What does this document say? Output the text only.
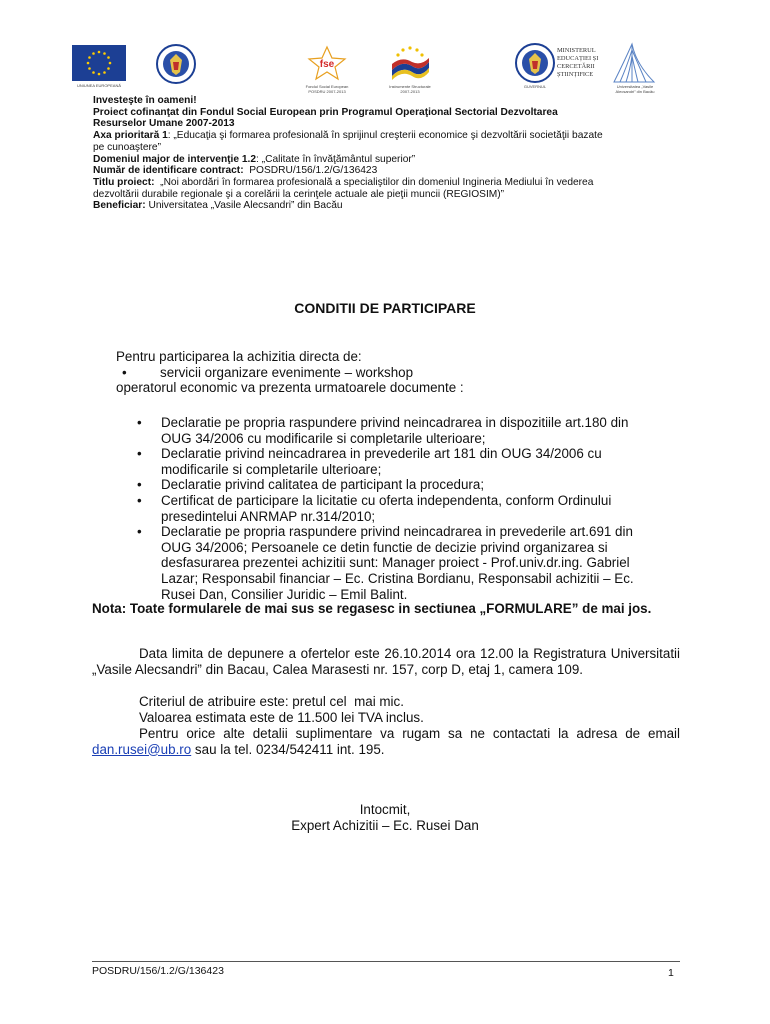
UNIUNEA EUROPEANĂ
fse
Fondul Social European
POSDRU 2007-2013
Instrumente Structurale
2007-2013
GUVERNUL
MINISTERUL
EDUCAȚIEI ȘI
CERCETĂRII
ȘTIINȚIFICE
Universitatea „Vasile
Alecsandri” din Bacău
Investeşte în oameni!
Proiect cofinanţat din Fondul Social European prin Programul Operaţional Sectorial Dezvoltarea
Resurselor Umane 2007-2013
Axa prioritară 1: „Educaţia şi formarea profesională în sprijinul creşterii economice şi dezvoltării societăţii bazate
pe cunoaştere”
Domeniul major de intervenţie 1.2: „Calitate în învăţământul superior”
Număr de identificare contract:  POSDRU/156/1.2/G/136423
Titlu proiect:  „Noi abordări în formarea profesională a specialiştilor din domeniul Ingineria Mediului în vederea
dezvoltării durabile regionale şi a corelării la cerinţele actuale ale pieţii muncii (REGIOSIM)”
Beneficiar: Universitatea „Vasile Alecsandri” din Bacău
CONDITII DE PARTICIPARE
Pentru participarea la achizitia directa de:
• servicii organizare evenimente – workshop
operatorul economic va prezenta urmatoarele documente :
• Declaratie pe propria raspundere privind neincadrarea in dispozitiile art.180 din
OUG 34/2006 cu modificarile si completarile ulterioare;
• Declaratie privind neincadrarea in prevederile art 181 din OUG 34/2006 cu
modificarile si completarile ulterioare;
• Declaratie privind calitatea de participant la procedura;
• Certificat de participare la licitatie cu oferta independenta, conform Ordinului
presedintelui ANRMAP nr.314/2010;
• Declaratie pe propria raspundere privind neincadrarea in prevederile art.691 din
OUG 34/2006; Persoanele ce detin functie de decizie privind organizarea si
desfasurarea prezentei achizitii sunt: Manager proiect - Prof.univ.dr.ing. Gabriel
Lazar; Responsabil financiar – Ec. Cristina Bordianu, Responsabil achizitii – Ec.
Rusei Dan, Consilier Juridic – Emil Balint.
Nota: Toate formularele de mai sus se regasesc in sectiunea „FORMULARE” de mai jos.
Data limita de depunere a ofertelor este 26.10.2014 ora 12.00 la Registratura Universitatii „Vasile Alecsandri” din Bacau, Calea Marasesti nr. 157, corp D, etaj 1, camera 109.
Criteriul de atribuire este: pretul cel  mai mic.
Valoarea estimata este de 11.500 lei TVA inclus.
Pentru orice alte detalii suplimentare va rugam sa ne contactati la adresa de email dan.rusei@ub.ro sau la tel. 0234/542411 int. 195.
Intocmit,
Expert Achizitii – Ec. Rusei Dan
POSDRU/156/1.2/G/136423	1
